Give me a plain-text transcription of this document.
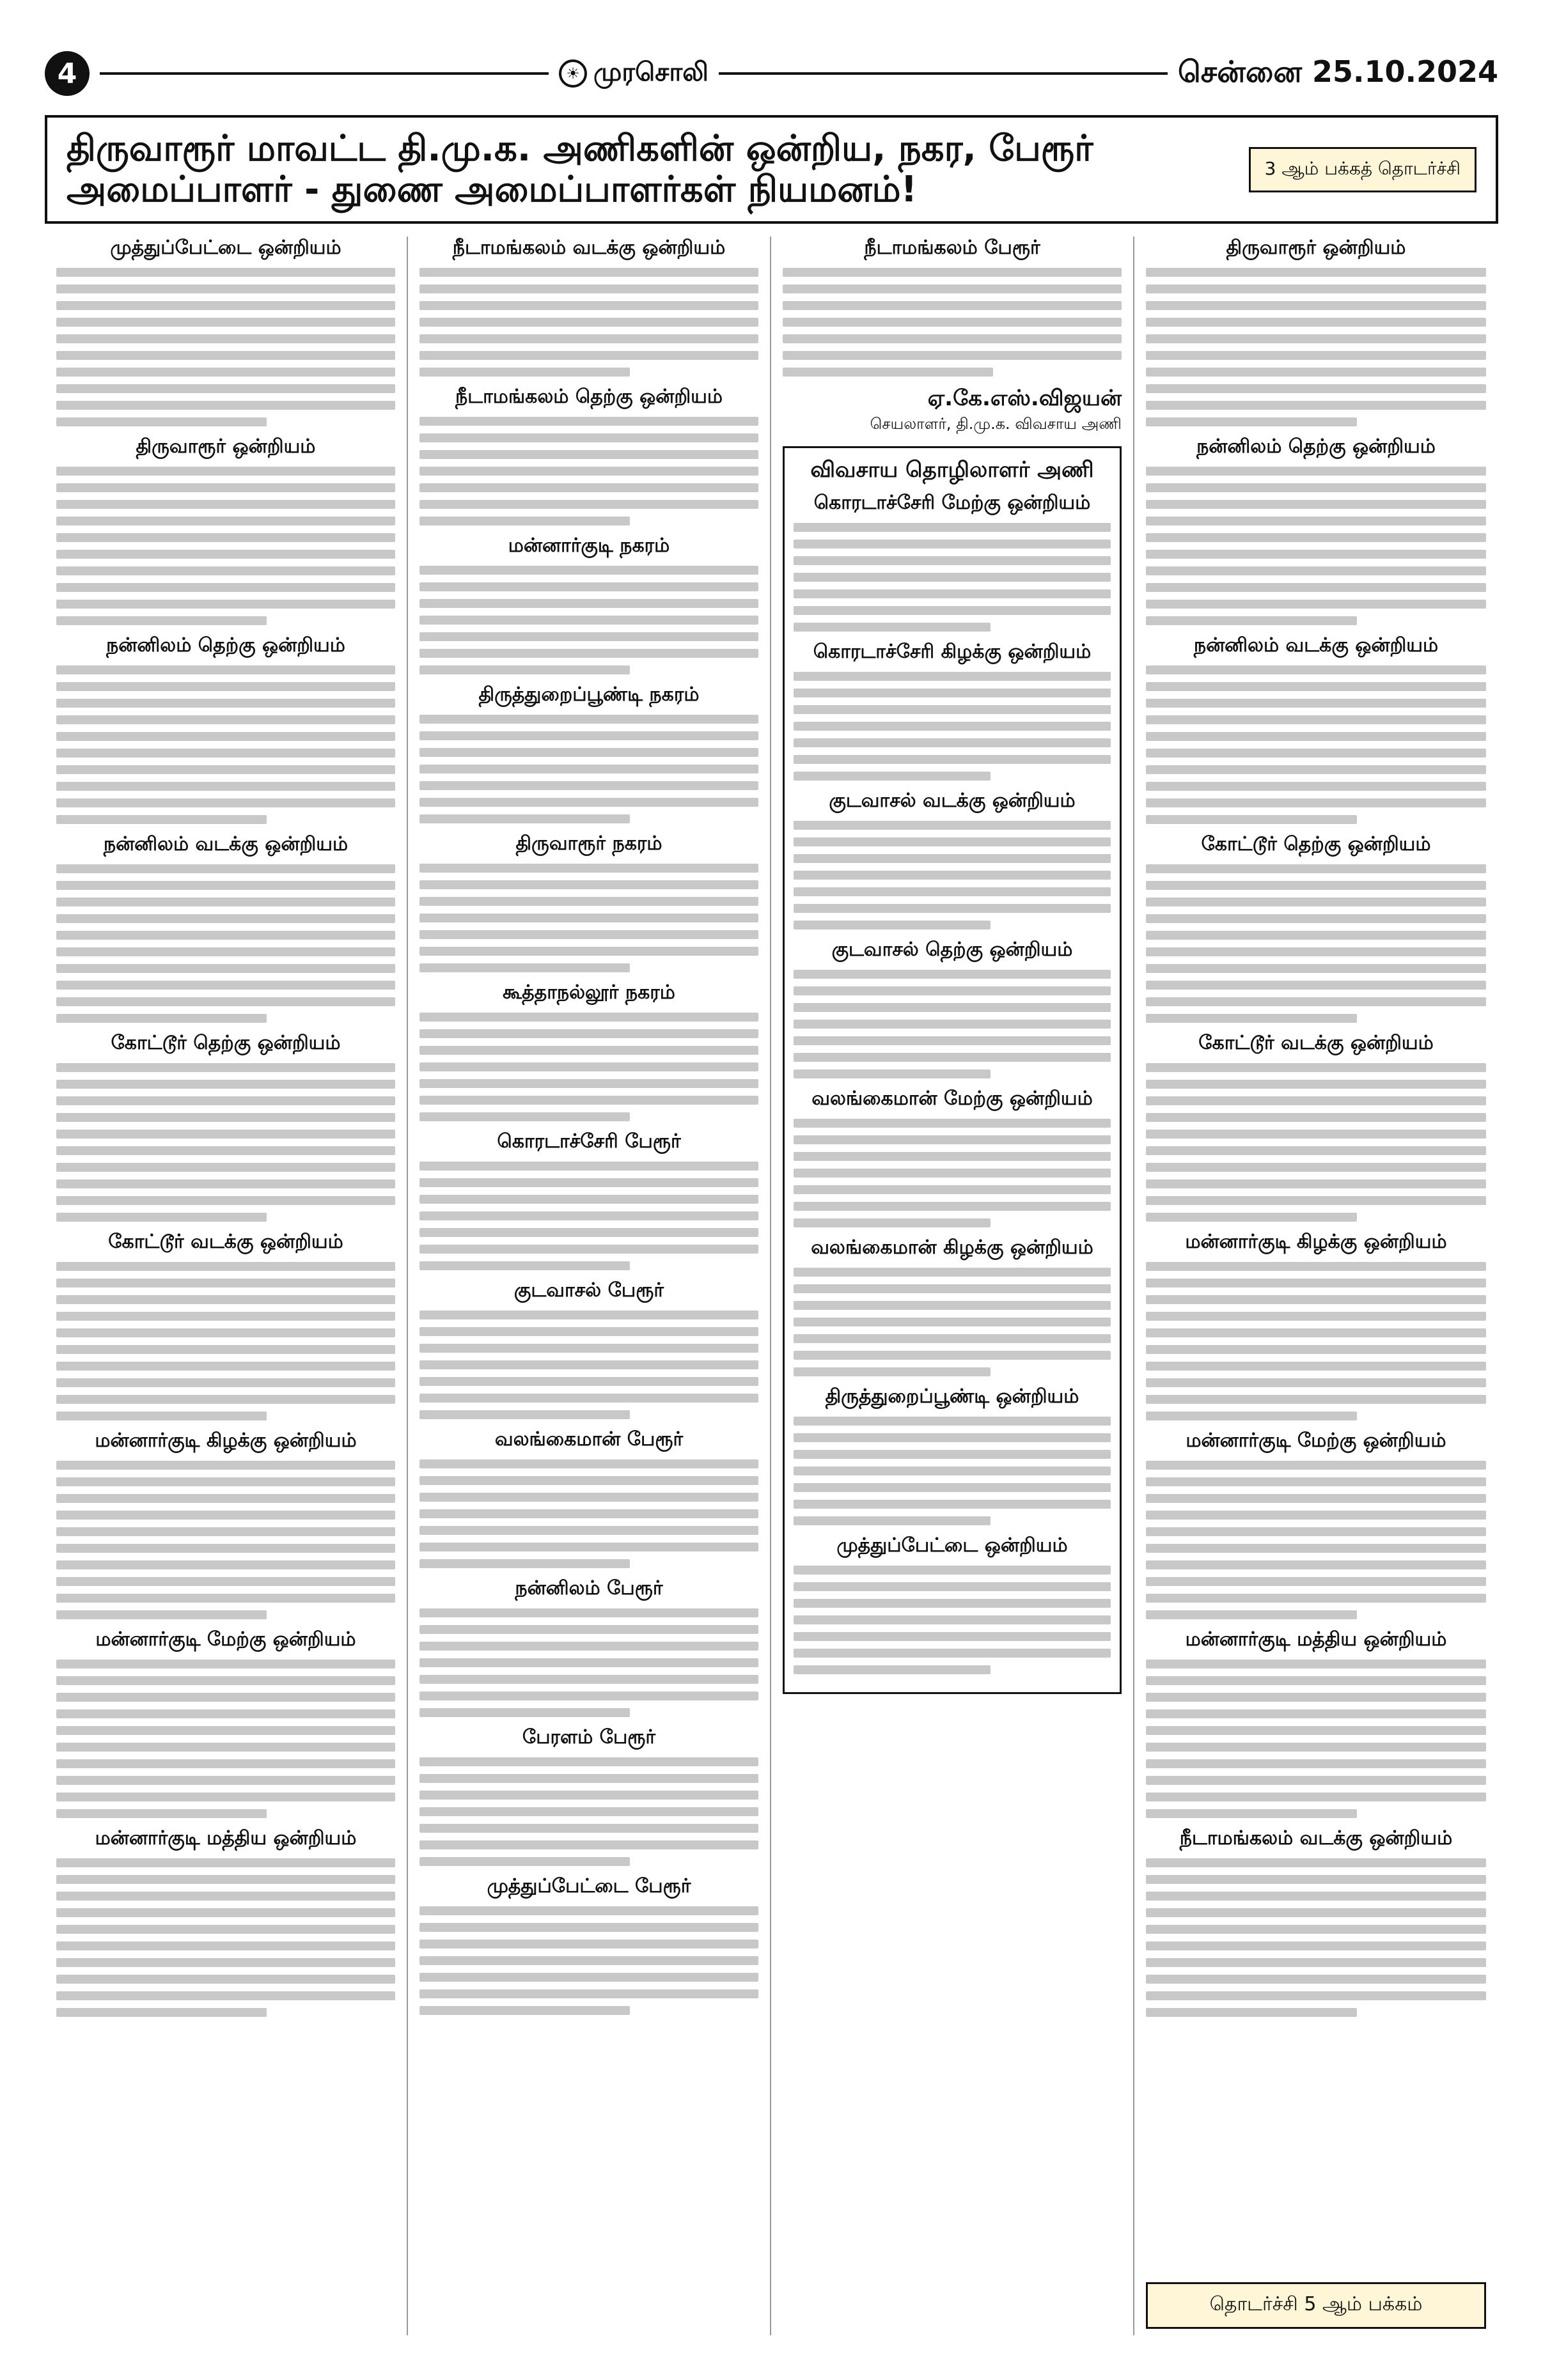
4	☀ முரசொலி	சென்னை 25.10.2024
திருவாரூர் மாவட்ட தி.மு.க. அணிகளின் ஒன்றிய, நகர, பேரூர் அமைப்பாளர் - துணை அமைப்பாளர்கள் நியமனம்!
3 ஆம் பக்கத் தொடர்ச்சி
முத்துப்பேட்டை ஒன்றியம்
திருவாரூர் ஒன்றியம்
நன்னிலம் தெற்கு ஒன்றியம்
நன்னிலம் வடக்கு ஒன்றியம்
கோட்டூர் தெற்கு ஒன்றியம்
கோட்டூர் வடக்கு ஒன்றியம்
மன்னார்குடி கிழக்கு ஒன்றியம்
மன்னார்குடி மேற்கு ஒன்றியம்
மன்னார்குடி மத்திய ஒன்றியம்
நீடாமங்கலம் வடக்கு ஒன்றியம்
நீடாமங்கலம் தெற்கு ஒன்றியம்
மன்னார்குடி நகரம்
திருத்துறைப்பூண்டி நகரம்
திருவாரூர் நகரம்
கூத்தாநல்லூர் நகரம்
கொரடாச்சேரி பேரூர்
குடவாசல் பேரூர்
வலங்கைமான் பேரூர்
நன்னிலம் பேரூர்
பேரளம் பேரூர்
முத்துப்பேட்டை பேரூர்
நீடாமங்கலம் பேரூர்
ஏ.கே.எஸ்.விஜயன்
செயலாளர், தி.மு.க. விவசாய அணி
விவசாய தொழிலாளர் அணி
கொரடாச்சேரி மேற்கு ஒன்றியம்
கொரடாச்சேரி கிழக்கு ஒன்றியம்
குடவாசல் வடக்கு ஒன்றியம்
குடவாசல் தெற்கு ஒன்றியம்
வலங்கைமான் மேற்கு ஒன்றியம்
வலங்கைமான் கிழக்கு ஒன்றியம்
திருத்துறைப்பூண்டி ஒன்றியம்
முத்துப்பேட்டை ஒன்றியம்
திருவாரூர் ஒன்றியம்
நன்னிலம் தெற்கு ஒன்றியம்
நன்னிலம் வடக்கு ஒன்றியம்
கோட்டூர் தெற்கு ஒன்றியம்
கோட்டூர் வடக்கு ஒன்றியம்
மன்னார்குடி கிழக்கு ஒன்றியம்
மன்னார்குடி மேற்கு ஒன்றியம்
மன்னார்குடி மத்திய ஒன்றியம்
நீடாமங்கலம் வடக்கு ஒன்றியம்
தொடர்ச்சி 5 ஆம் பக்கம்
